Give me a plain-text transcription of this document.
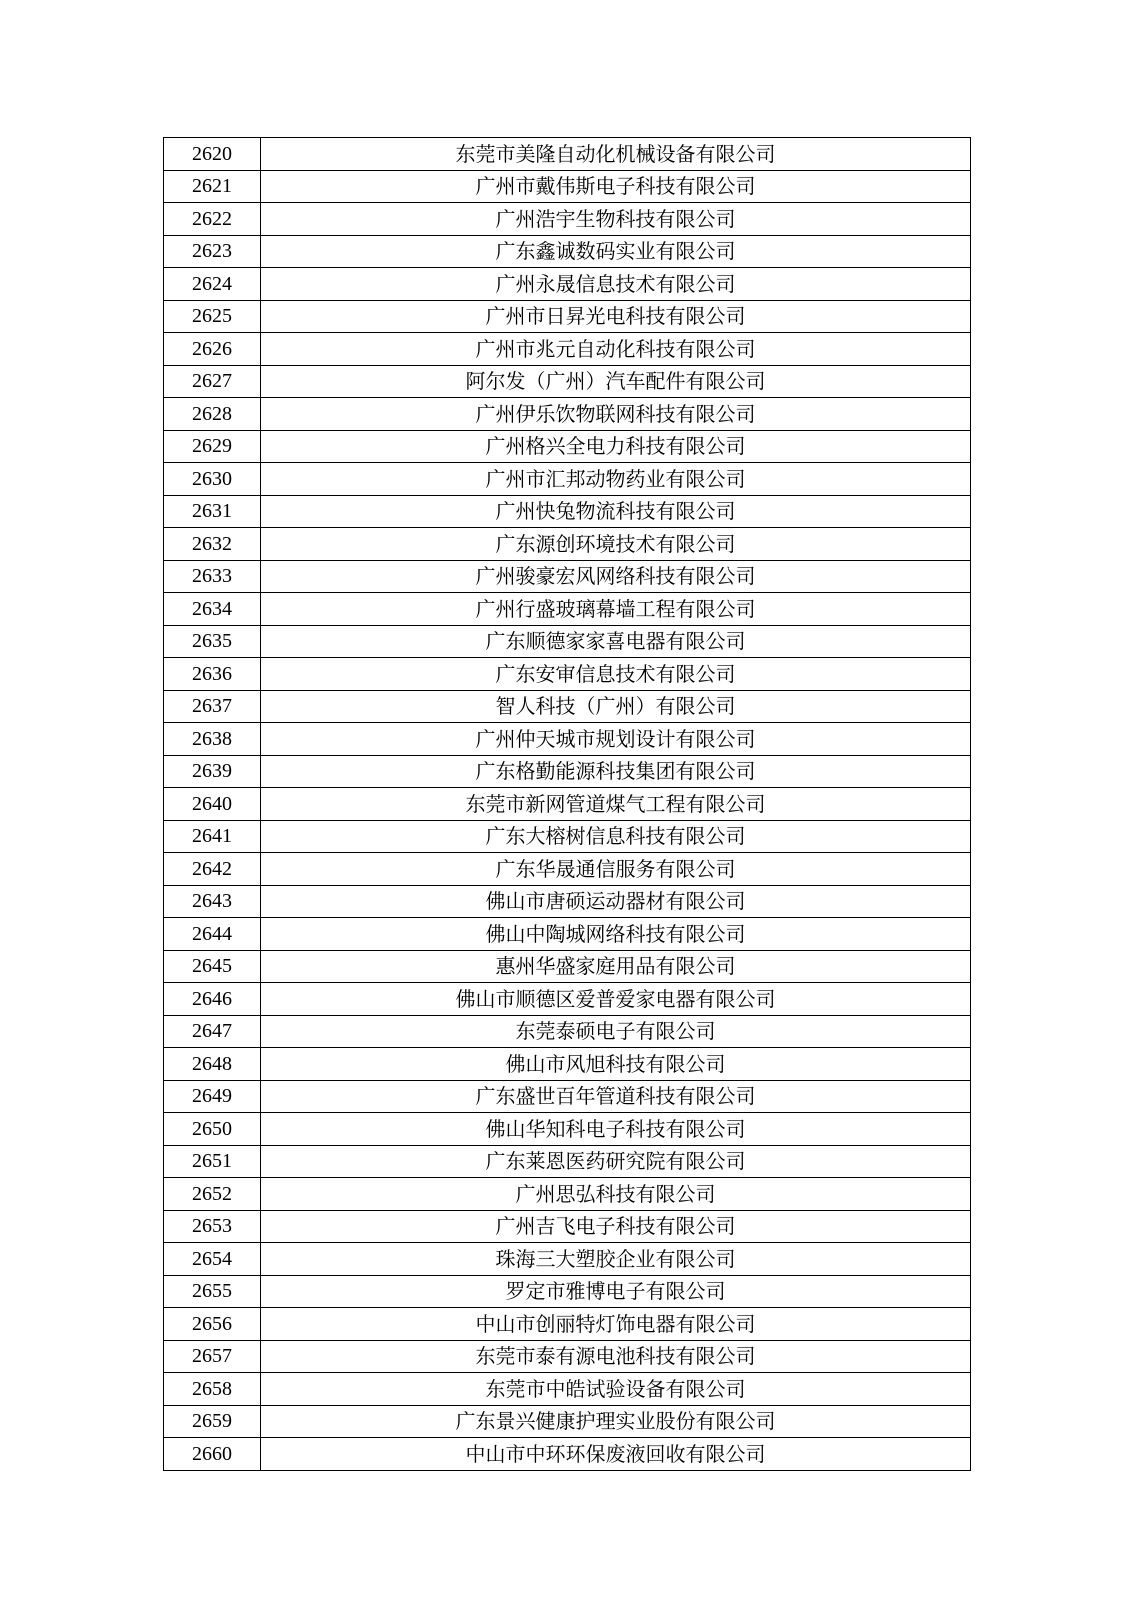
2620	东莞市美隆自动化机械设备有限公司
2621	广州市戴伟斯电子科技有限公司
2622	广州浩宇生物科技有限公司
2623	广东鑫诚数码实业有限公司
2624	广州永晟信息技术有限公司
2625	广州市日昇光电科技有限公司
2626	广州市兆元自动化科技有限公司
2627	阿尔发（广州）汽车配件有限公司
2628	广州伊乐饮物联网科技有限公司
2629	广州格兴全电力科技有限公司
2630	广州市汇邦动物药业有限公司
2631	广州快兔物流科技有限公司
2632	广东源创环境技术有限公司
2633	广州骏豪宏风网络科技有限公司
2634	广州行盛玻璃幕墙工程有限公司
2635	广东顺德家家喜电器有限公司
2636	广东安审信息技术有限公司
2637	智人科技（广州）有限公司
2638	广州仲天城市规划设计有限公司
2639	广东格勤能源科技集团有限公司
2640	东莞市新网管道煤气工程有限公司
2641	广东大榕树信息科技有限公司
2642	广东华晟通信服务有限公司
2643	佛山市唐硕运动器材有限公司
2644	佛山中陶城网络科技有限公司
2645	惠州华盛家庭用品有限公司
2646	佛山市顺德区爱普爱家电器有限公司
2647	东莞泰硕电子有限公司
2648	佛山市风旭科技有限公司
2649	广东盛世百年管道科技有限公司
2650	佛山华知科电子科技有限公司
2651	广东莱恩医药研究院有限公司
2652	广州思弘科技有限公司
2653	广州吉飞电子科技有限公司
2654	珠海三大塑胶企业有限公司
2655	罗定市雅博电子有限公司
2656	中山市创丽特灯饰电器有限公司
2657	东莞市泰有源电池科技有限公司
2658	东莞市中皓试验设备有限公司
2659	广东景兴健康护理实业股份有限公司
2660	中山市中环环保废液回收有限公司
